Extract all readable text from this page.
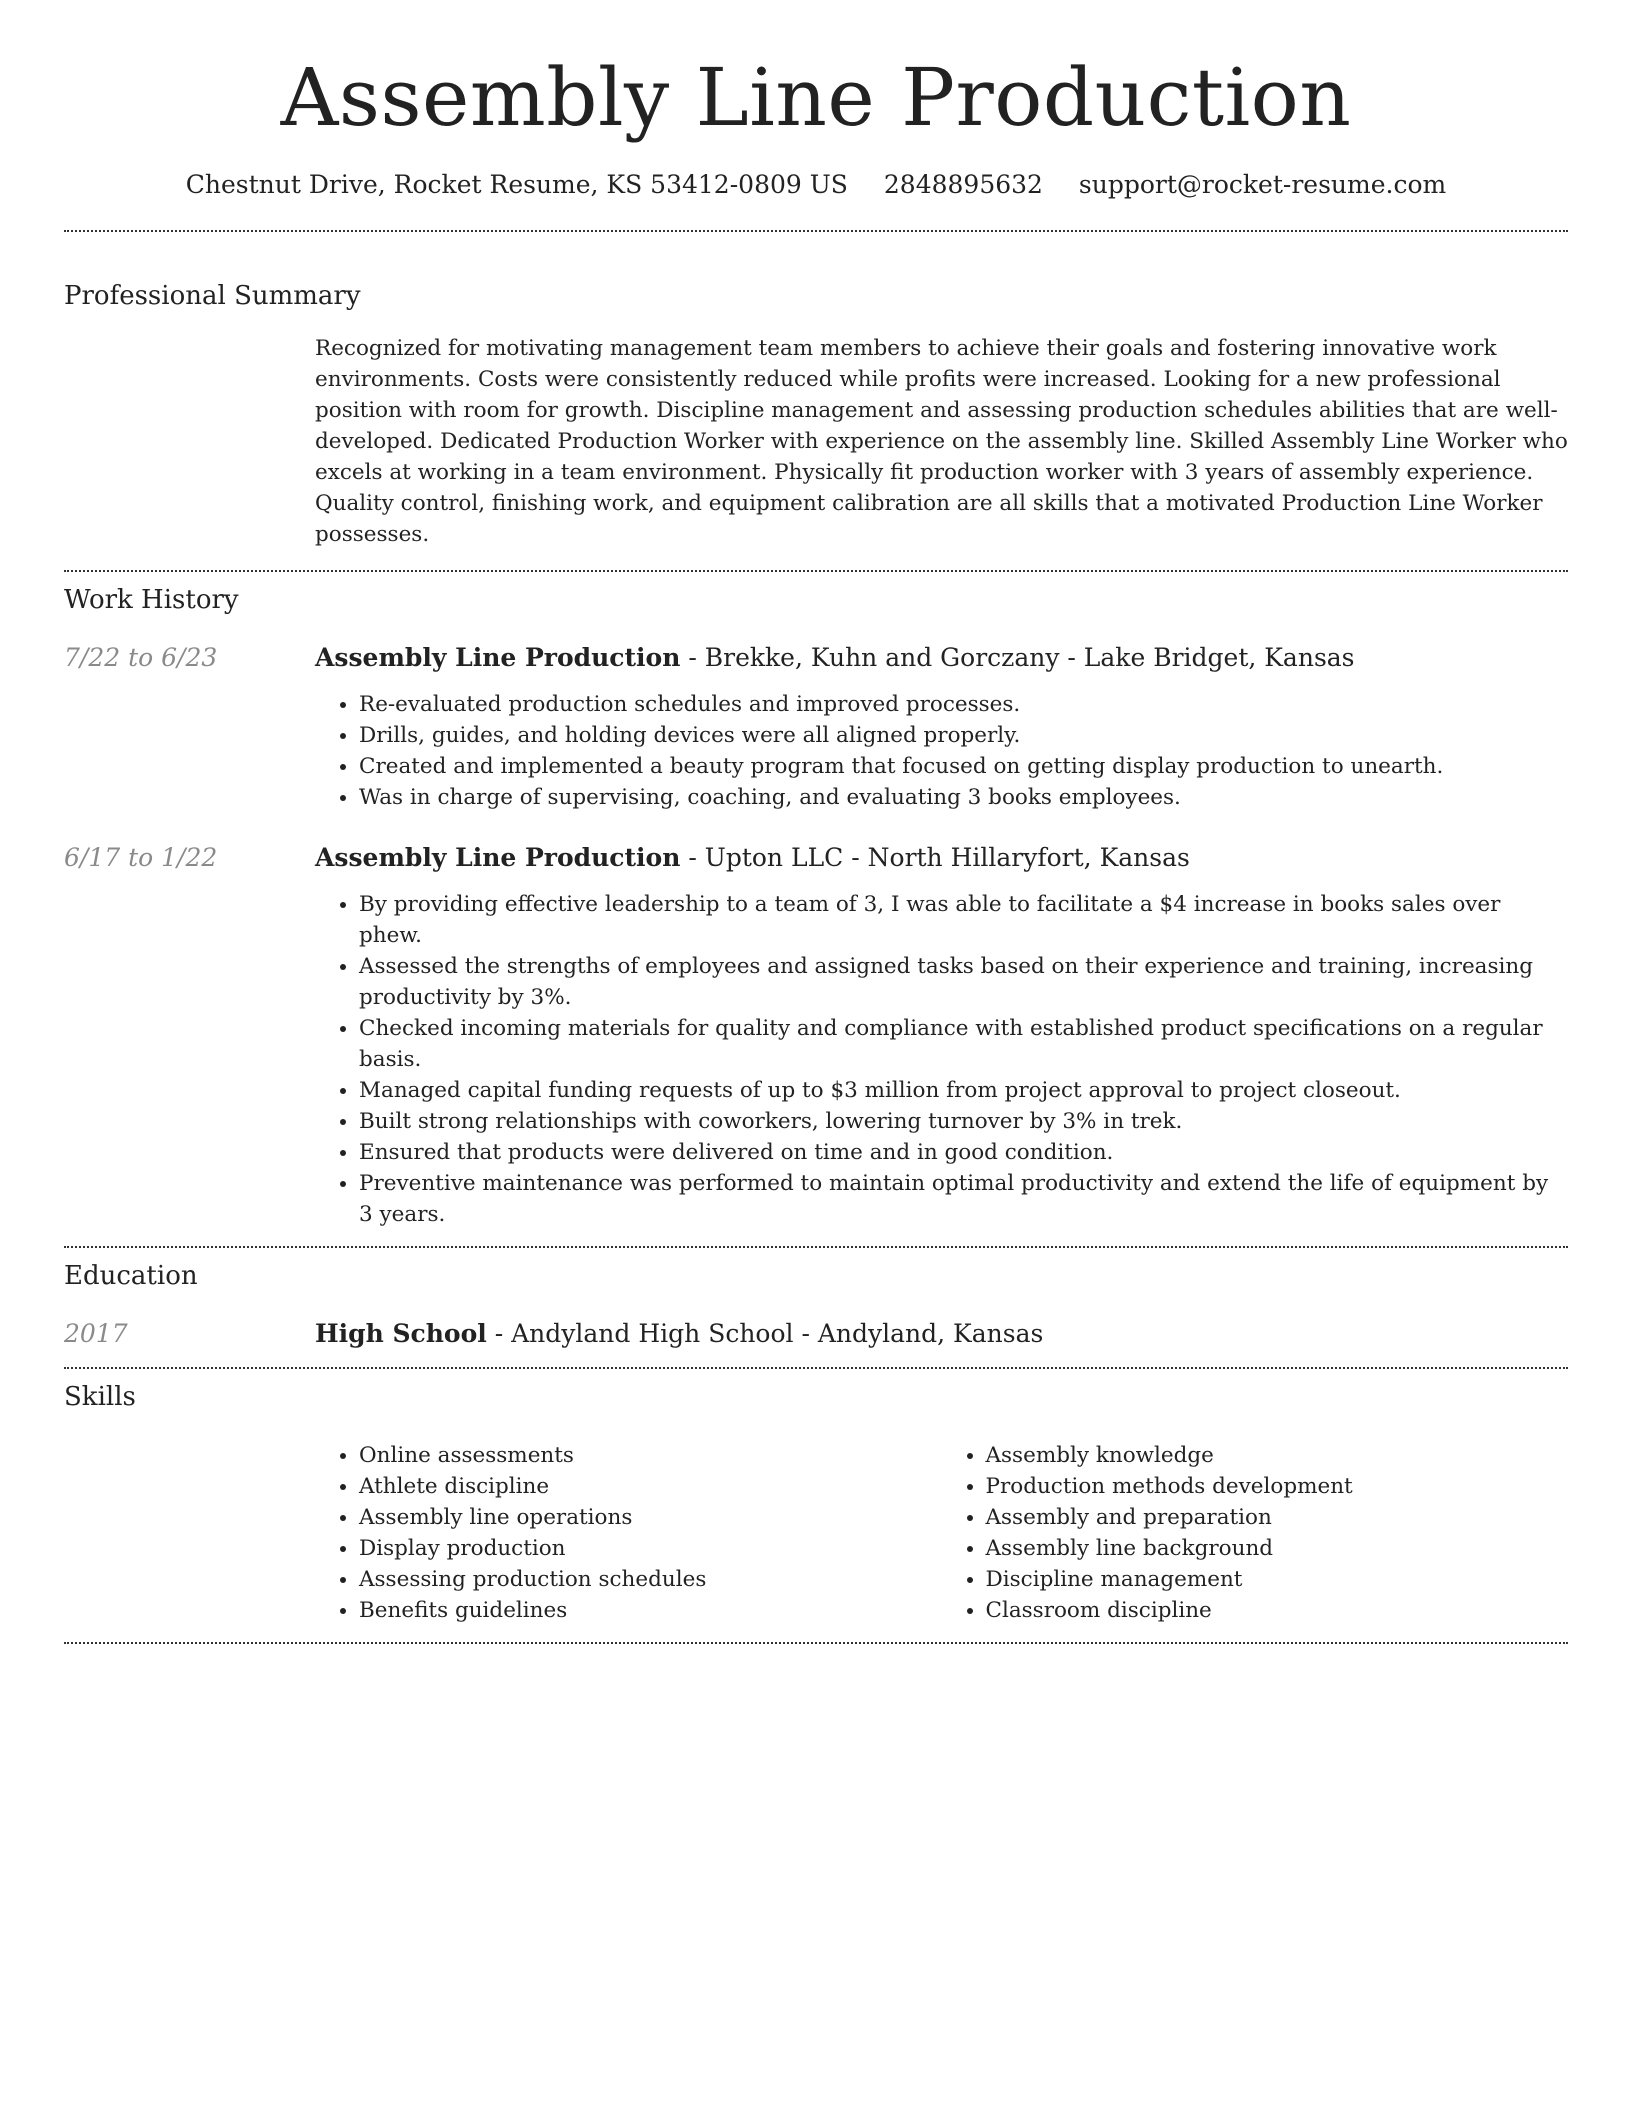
Assembly Line Production
Chestnut Drive, Rocket Resume, KS 53412-0809 US 2848895632 support@rocket-resume.com
Professional Summary

Recognized for motivating management team members to achieve their goals and fostering innovative work environments. Costs were consistently reduced while profits were increased. Looking for a new professional position with room for growth. Discipline management and assessing production schedules abilities that are well-developed. Dedicated Production Worker with experience on the assembly line. Skilled Assembly Line Worker who excels at working in a team environment. Physically fit production worker with 3 years of assembly experience. Quality control, finishing work, and equipment calibration are all skills that a motivated Production Line Worker possesses.

Work History
7/22 to 6/23	Assembly Line Production - Brekke, Kuhn and Gorczany - Lake Bridget, Kansas
• Re-evaluated production schedules and improved processes.
• Drills, guides, and holding devices were all aligned properly.
• Created and implemented a beauty program that focused on getting display production to unearth.
• Was in charge of supervising, coaching, and evaluating 3 books employees.
6/17 to 1/22	Assembly Line Production - Upton LLC - North Hillaryfort, Kansas
• By providing effective leadership to a team of 3, I was able to facilitate a $4 increase in books sales over phew.
• Assessed the strengths of employees and assigned tasks based on their experience and training, increasing productivity by 3%.
• Checked incoming materials for quality and compliance with established product specifications on a regular basis.
• Managed capital funding requests of up to $3 million from project approval to project closeout.
• Built strong relationships with coworkers, lowering turnover by 3% in trek.
• Ensured that products were delivered on time and in good condition.
• Preventive maintenance was performed to maintain optimal productivity and extend the life of equipment by 3 years.
Education
2017	High School - Andyland High School - Andyland, Kansas
Skills
• Online assessments
• Athlete discipline
• Assembly line operations
• Display production
• Assessing production schedules
• Benefits guidelines
• Assembly knowledge
• Production methods development
• Assembly and preparation
• Assembly line background
• Discipline management
• Classroom discipline
